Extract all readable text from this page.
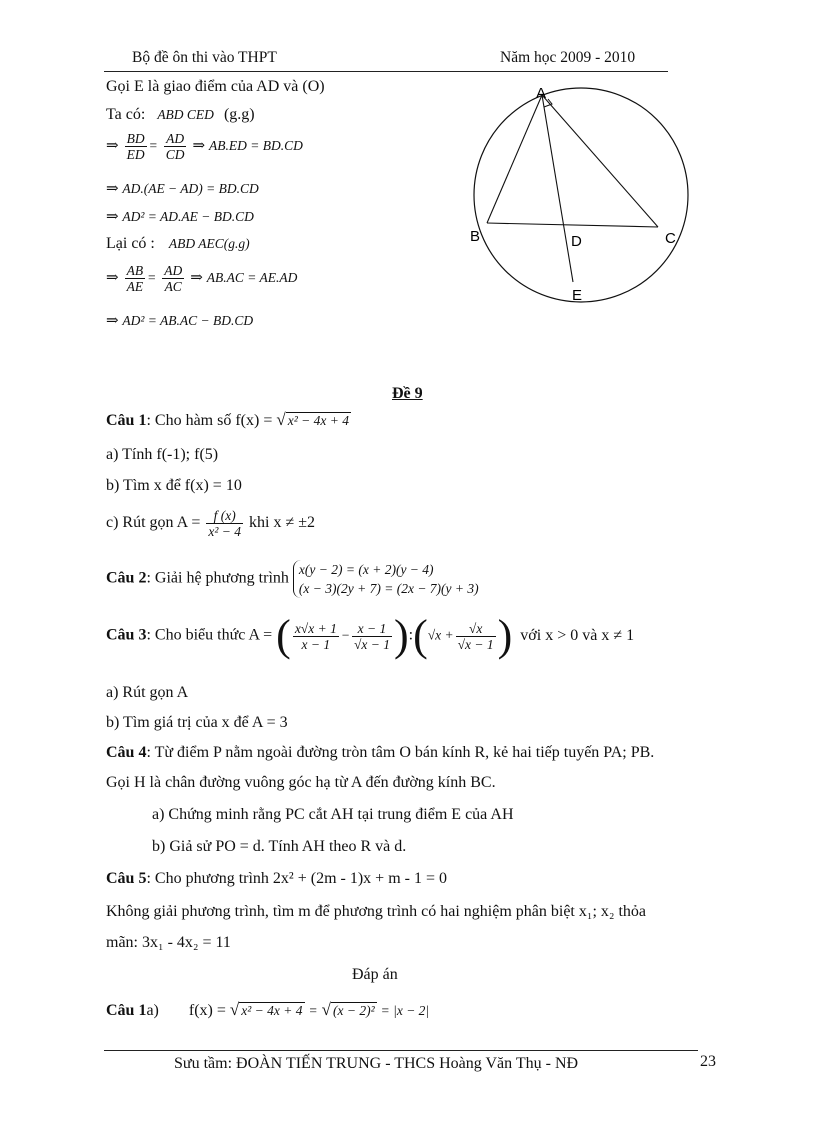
Bộ đề ôn thi vào THPT	Năm học 2009 - 2010
Gọi E là giao điểm của AD và (O)
Ta có: ABD CED (g.g)
⇒ $\frac{BD}{ED} = \frac{AD}{CD}$ ⇒ AB.ED = BD.CD
⇒ AD.(AE − AD) = BD.CD
⇒ AD² = AD.AE − BD.CD
Lại có : ABD AEC(g.g)
⇒ $\frac{AB}{AE} = \frac{AD}{AC}$ ⇒ AB.AC = AE.AD
⇒ AD² = AB.AC − BD.CD
A
B	C
D
E
Đề 9
Câu 1: Cho hàm số f(x) = √ x² − 4x + 4
a) Tính f(-1); f(5)
b) Tìm x để f(x) = 10
c) Rút gọn $A = \frac{f (x)}{\text{x² − 4}}$ khi x ≠ ±2
Câu 2: Giải hệ phương trình
x(y − 2) = (x + 2)(y − 4)
(x − 3)(2y + 7) = (2x − 7)(y + 3)
Câu 3: Cho biểu thức A = ( $\frac{x√x + 1}{x - 1} - \frac{x - 1}{√x - 1}$ ):(√x + $\frac{√x}{√x - 1}$ ) với x > 0 và x ≠ 1
a) Rút gọn A
b) Tìm giá trị của x để A = 3
Câu 4: Từ điểm P nằm ngoài đường tròn tâm O bán kính R, kẻ hai tiếp tuyến PA; PB.
Gọi H là chân đường vuông góc hạ từ A đến đường kính BC.
a) Chứng minh rằng PC cắt AH tại trung điểm E của AH
b) Giả sử PO = d. Tính AH theo R và d.
Câu 5: Cho phương trình 2x² + (2m - 1)x + m - 1 = 0
Không giải phương trình, tìm m để phương trình có hai nghiệm phân biệt x₁; x₂ thỏa
mãn: 3x₁ - 4x₂ = 11
Đáp án
Câu 1a) f(x) = √ x² − 4x + 4 = √ (x − 2)² = |x − 2|
Sưu tầm: ĐOÀN TIẾN TRUNG - THCS Hoàng Văn Thụ - NĐ	23
